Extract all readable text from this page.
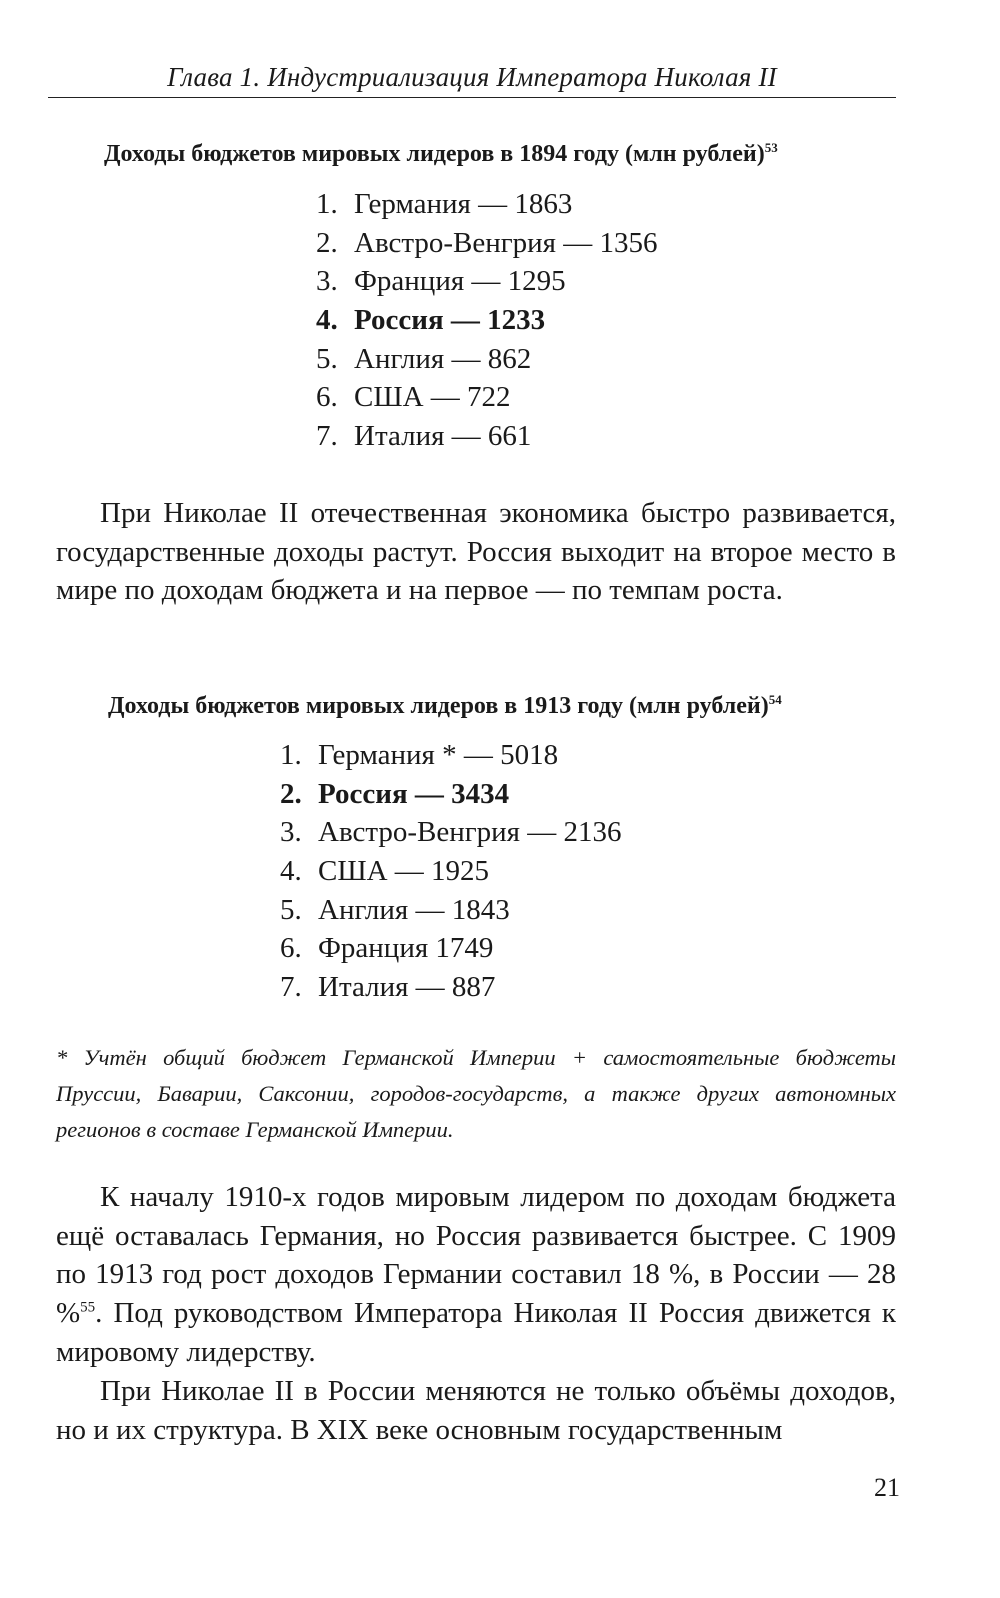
Глава 1. Индустриализация Императора Николая II
Доходы бюджетов мировых лидеров в 1894 году (млн рублей)$^{53}$
1. Германия — 1863
2. Австро-Венгрия — 1356
3. Франция — 1295
4. Россия — 1233
5. Англия — 862
6. США — 722
7. Италия — 661

При Николае II отечественная экономика быстро развивается, государственные доходы растут. Россия выходит на второе место в мире по доходам бюджета и на первое — по темпам роста.

Доходы бюджетов мировых лидеров в 1913 году (млн рублей)$^{54}$
1. Германия * — 5018
2. Россия — 3434
3. Австро-Венгрия — 2136
4. США — 1925
5. Англия — 1843
6. Франция 1749
7. Италия — 887

* Учтён общий бюджет Германской Империи + самостоятельные бюджеты Пруссии, Баварии, Саксонии, городов-государств, а также других автономных регионов в составе Германской Империи.

К началу 1910-х годов мировым лидером по доходам бюджета ещё оставалась Германия, но Россия развивается быстрее. С 1909 по 1913 год рост доходов Германии составил 18 %, в России — 28 %$^{55}$. Под руководством Императора Николая II Россия движется к мировому лидерству.

При Николае II в России меняются не только объёмы доходов, но и их структура. В XIX веке основным государственным

21
